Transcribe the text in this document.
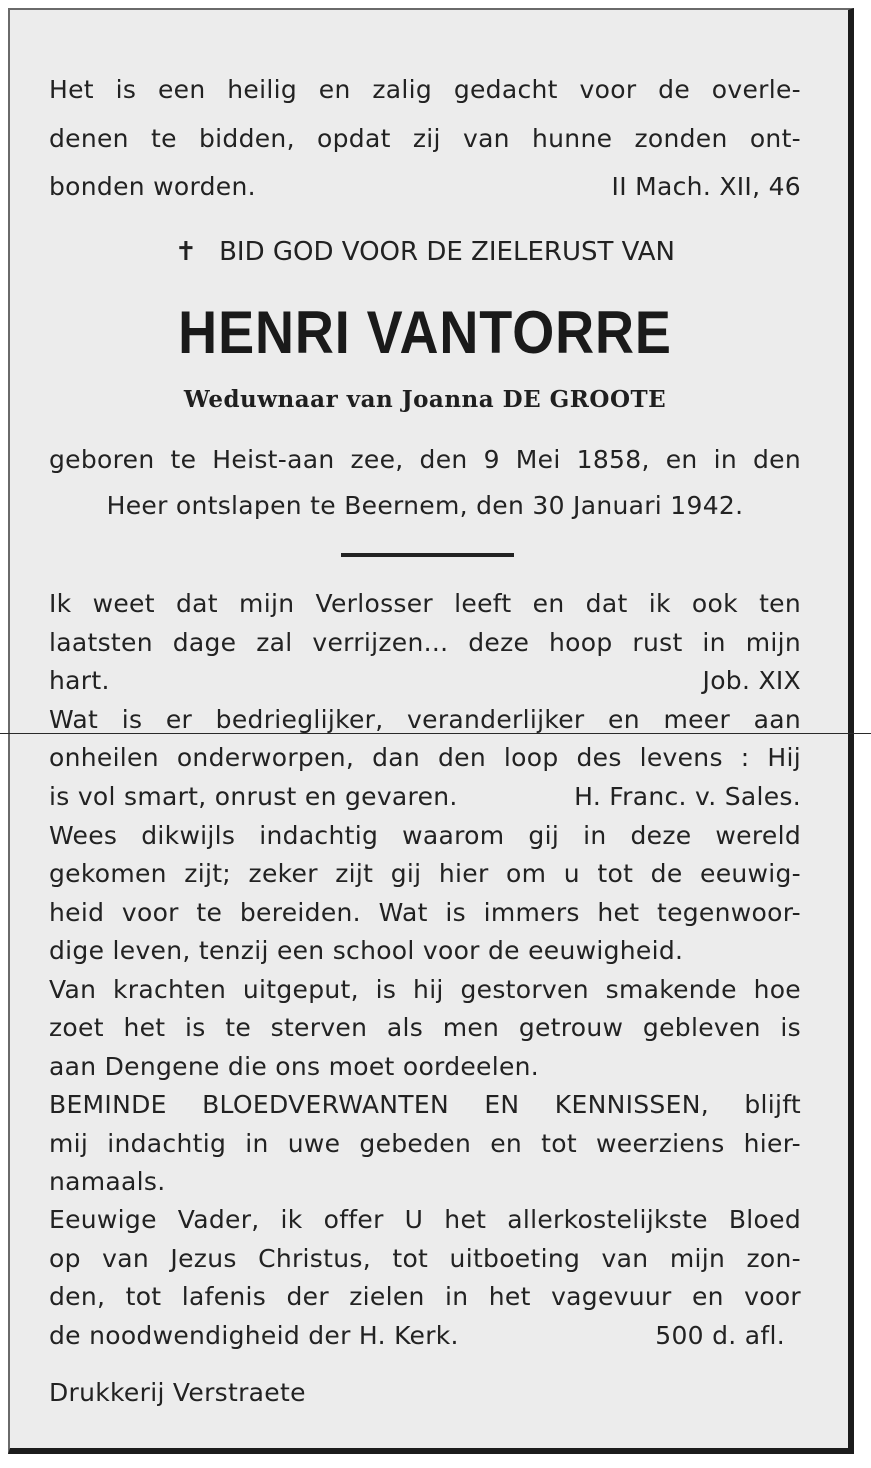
Het is een heilig en zalig gedacht voor de overle-
denen te bidden, opdat zij van hunne zonden ont-
bonden worden.	II Mach. XII, 46
✝ BID GOD VOOR DE ZIELERUST VAN
HENRI VANTORRE
Weduwnaar van Joanna DE GROOTE
geboren te Heist-aan zee, den 9 Mei 1858, en in den
Heer ontslapen te Beernem, den 30 Januari 1942.
Ik weet dat mijn Verlosser leeft en dat ik ook ten
laatsten dage zal verrijzen... deze hoop rust in mijn
hart.	Job. XIX
Wat is er bedrieglijker, veranderlijker en meer aan
onheilen onderworpen, dan den loop des levens : Hij
is vol smart, onrust en gevaren.	H. Franc. v. Sales.
Wees dikwijls indachtig waarom gij in deze wereld
gekomen zijt; zeker zijt gij hier om u tot de eeuwig-
heid voor te bereiden. Wat is immers het tegenwoor-
dige leven, tenzij een school voor de eeuwigheid.
Van krachten uitgeput, is hij gestorven smakende hoe
zoet het is te sterven als men getrouw gebleven is
aan Dengene die ons moet oordeelen.
BEMINDE BLOEDVERWANTEN EN KENNISSEN, blijft
mij indachtig in uwe gebeden en tot weerziens hier-
namaals.
Eeuwige Vader, ik offer U het allerkostelijkste Bloed
op van Jezus Christus, tot uitboeting van mijn zon-
den, tot lafenis der zielen in het vagevuur en voor
de noodwendigheid der H. Kerk.	500 d. afl.
Drukkerij Verstraete
